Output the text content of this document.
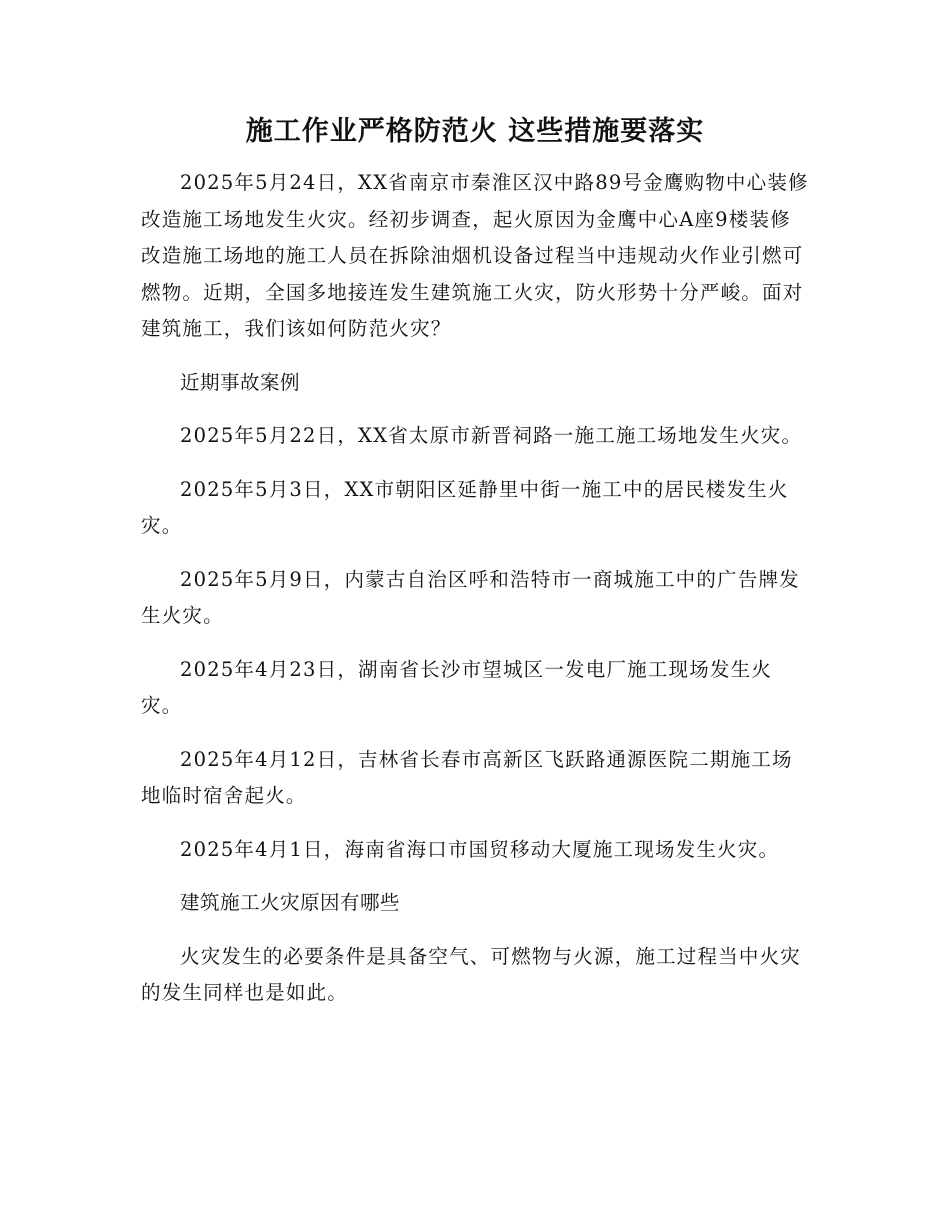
施工作业严格防范火 这些措施要落实

2025年5月24日，XX省南京市秦淮区汉中路89号金鹰购物中心装修改造施工场地发生火灾。经初步调查，起火原因为金鹰中心A座9楼装修改造施工场地的施工人员在拆除油烟机设备过程当中违规动火作业引燃可燃物。近期，全国多地接连发生建筑施工火灾，防火形势十分严峻。面对建筑施工，我们该如何防范火灾？

近期事故案例

2025年5月22日，XX省太原市新晋祠路一施工施工场地发生火灾。

2025年5月3日，XX市朝阳区延静里中街一施工中的居民楼发生火灾。

2025年5月9日，内蒙古自治区呼和浩特市一商城施工中的广告牌发生火灾。

2025年4月23日，湖南省长沙市望城区一发电厂施工现场发生火灾。

2025年4月12日，吉林省长春市高新区飞跃路通源医院二期施工场地临时宿舍起火。

2025年4月1日，海南省海口市国贸移动大厦施工现场发生火灾。

建筑施工火灾原因有哪些

火灾发生的必要条件是具备空气、可燃物与火源，施工过程当中火灾的发生同样也是如此。
